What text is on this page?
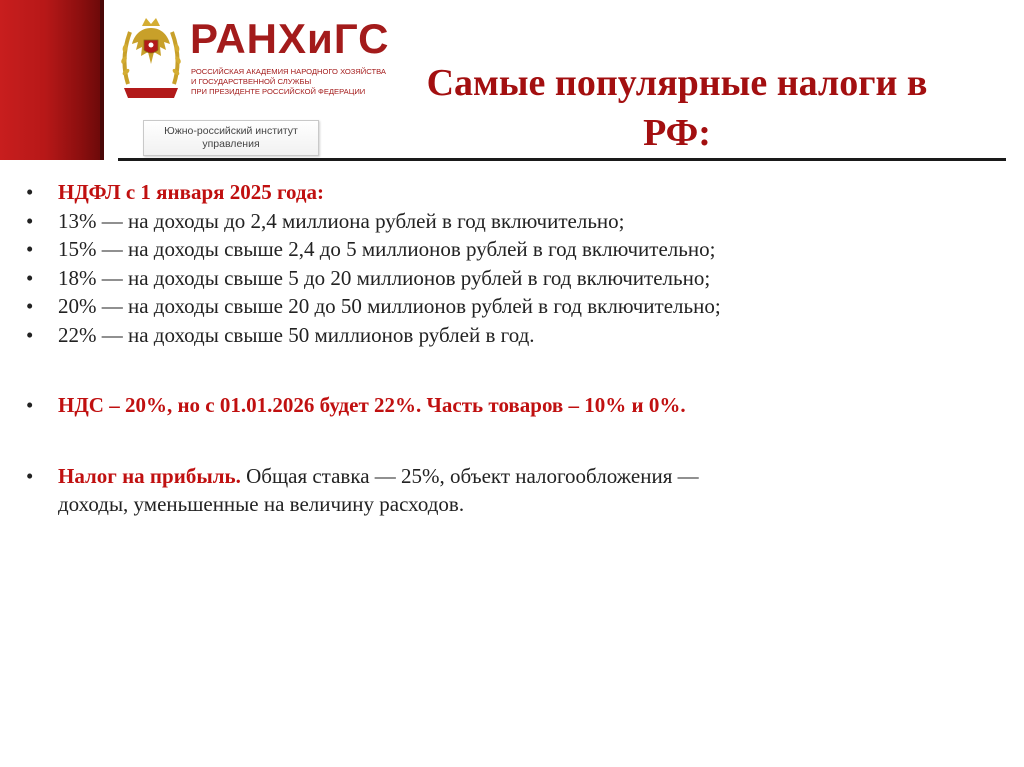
РАНХиГС
РОССИЙСКАЯ АКАДЕМИЯ НАРОДНОГО ХОЗЯЙСТВА
И ГОСУДАРСТВЕННОЙ СЛУЖБЫ
ПРИ ПРЕЗИДЕНТЕ РОССИЙСКОЙ ФЕДЕРАЦИИ
Южно-российский институт
управления
Самые популярные налоги в
РФ:
• НДФЛ с 1 января 2025 года:
• 13% — на доходы до 2,4 миллиона рублей в год включительно;
• 15% — на доходы свыше 2,4 до 5 миллионов рублей в год включительно;
• 18% — на доходы свыше 5 до 20 миллионов рублей в год включительно;
• 20% — на доходы свыше 20 до 50 миллионов рублей в год включительно;
• 22% — на доходы свыше 50 миллионов рублей в год.
• НДС – 20%, но с 01.01.2026 будет 22%. Часть товаров – 10% и 0%.
• Налог на прибыль. Общая ставка — 25%, объект налогообложения —
доходы, уменьшенные на величину расходов.
